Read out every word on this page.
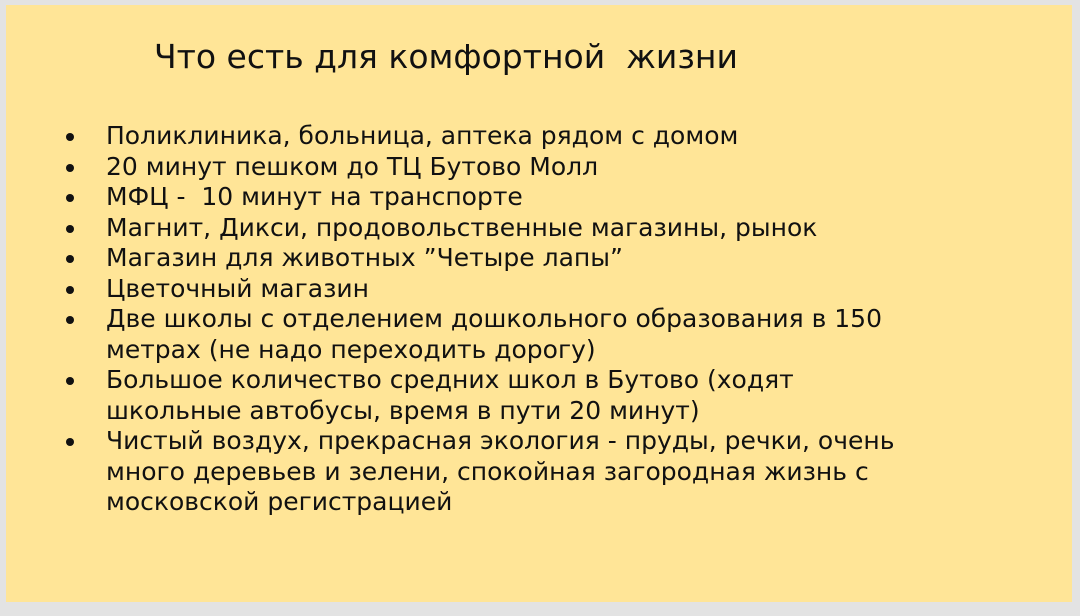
Что есть для комфортной  жизни
Поликлиника, больница, аптека рядом с домом
20 минут пешком до ТЦ Бутово Молл
МФЦ -  10 минут на транспорте
Магнит, Дикси, продовольственные магазины, рынок
Магазин для животных ”Четыре лапы”
Цветочный магазин
Две школы с отделением дошкольного образования в 150
метрах (не надо переходить дорогу)
Большое количество средних школ в Бутово (ходят
школьные автобусы, время в пути 20 минут)
Чистый воздух, прекрасная экология - пруды, речки, очень
много деревьев и зелени, спокойная загородная жизнь с
московской регистрацией
